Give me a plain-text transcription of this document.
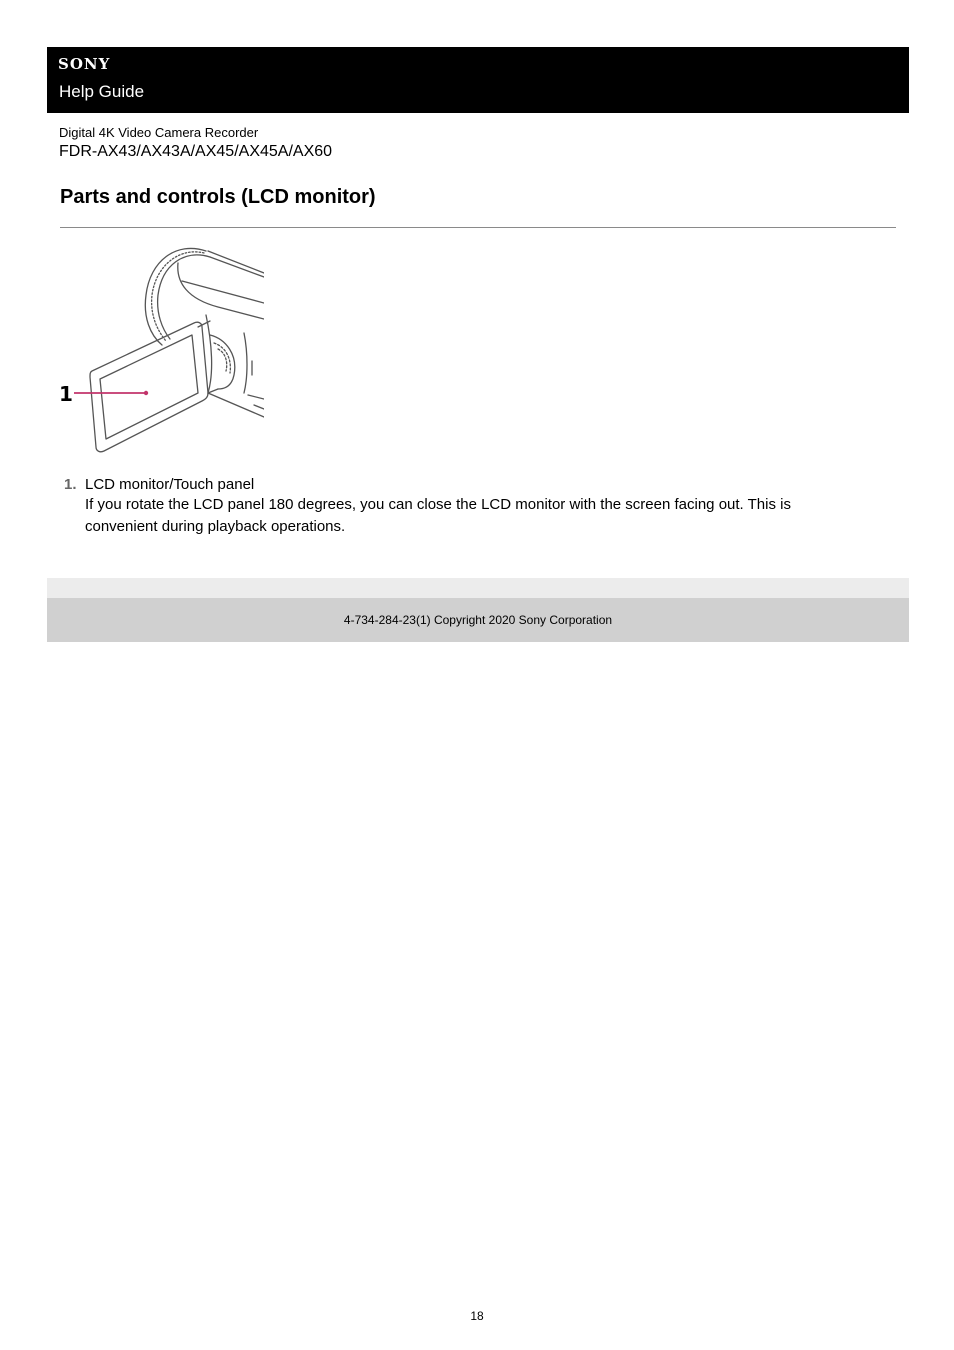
SONY
Help Guide
Digital 4K Video Camera Recorder
FDR-AX43/AX43A/AX45/AX45A/AX60
Parts and controls (LCD monitor)
1
1. LCD monitor/Touch panel
If you rotate the LCD panel 180 degrees, you can close the LCD monitor with the screen facing out. This is convenient during playback operations.
4-734-284-23(1) Copyright 2020 Sony Corporation
18
